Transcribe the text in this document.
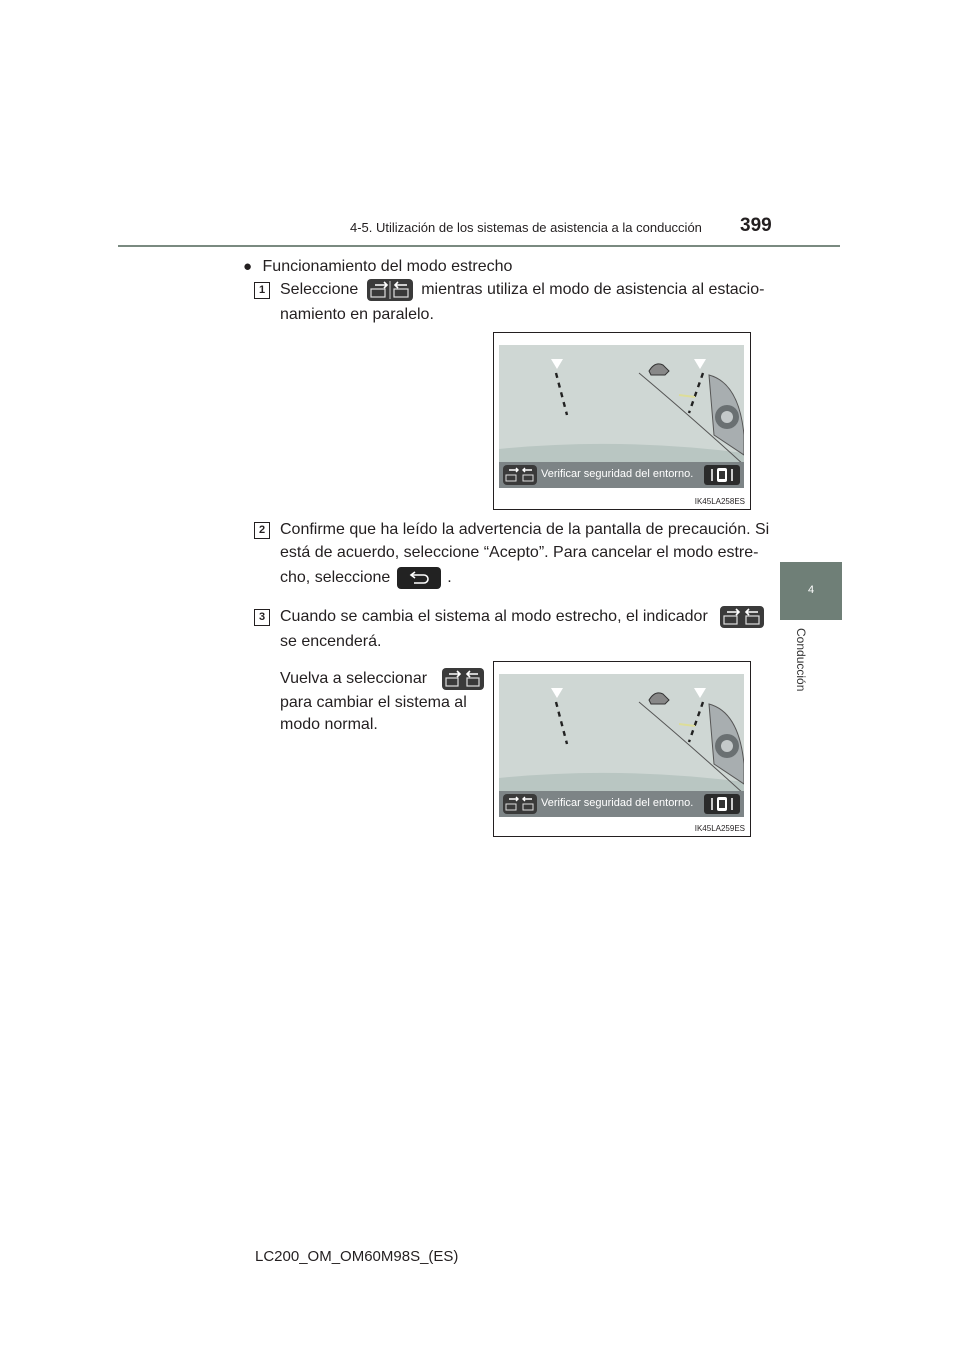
4-5. Utilización de los sistemas de asistencia a la conducción 399
4
Conducción
● Funcionamiento del modo estrecho
1 Seleccione	mientras utiliza el modo de asistencia al estacio-
namiento en paralelo.
Verificar seguridad del entorno.
IK45LA258ES
2 Confirme que ha leído la advertencia de la pantalla de precaución. Si
está de acuerdo, seleccione “Acepto”. Para cancelar el modo estre-
cho, seleccione	.
3 Cuando se cambia el sistema al modo estrecho, el indicador
se encenderá.
Vuelva a seleccionar
para cambiar el sistema al
modo normal.
Verificar seguridad del entorno.
IK45LA259ES
LC200_OM_OM60M98S_(ES)
